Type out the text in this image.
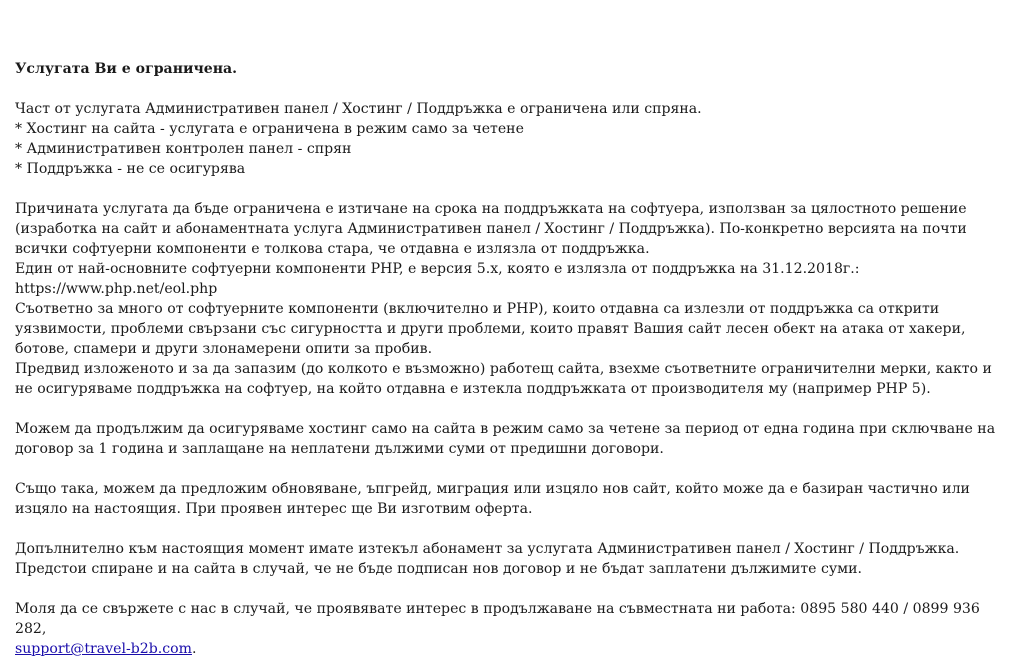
Услугата Ви е ограничена.

Част от услугата Административен панел / Хостинг / Поддръжка е ограничена или спряна.

* Хостинг на сайта - услугата е ограничена в режим само за четене
* Административен контролен панел - спрян
* Поддръжка - не се осигурява

Причината услугата да бъде ограничена е изтичане на срока на поддръжката на софтуера, използван за цялостното решение (изработка на сайт и абонаментната услуга Административен панел / Хостинг / Поддръжка). По-конкретно версията на почти всички софтуерни компоненти е толкова стара, че отдавна е излязла от поддръжка.

Един от най-основните софтуерни компоненти PHP, е версия 5.x, която е излязла от поддръжка на 31.12.2018г.: https://www.php.net/eol.php

Съответно за много от софтуерните компоненти (включително и PHP), които отдавна са излезли от поддръжка са открити уязвимости, проблеми свързани със сигурността и други проблеми, които правят Вашия сайт лесен обект на атака от хакери, ботове, спамери и други злонамерени опити за пробив.

Предвид изложеното и за да запазим (до колкото е възможно) работещ сайта, взехме съответните ограничителни мерки, както и не осигуряваме поддръжка на софтуер, на който отдавна е изтекла поддръжката от производителя му (например PHP 5).

Можем да продължим да осигуряваме хостинг само на сайта в режим само за четене за период от една година при сключване на договор за 1 година и заплащане на неплатени дължими суми от предишни договори.

Също така, можем да предложим обновяване, ъпгрейд, миграция или изцяло нов сайт, който може да е базиран частично или изцяло на настоящия. При проявен интерес ще Ви изготвим оферта.

Допълнително към настоящия момент имате изтекъл абонамент за услугата Административен панел / Хостинг / Поддръжка. Предстои спиране и на сайта в случай, че не бъде подписан нов договор и не бъдат заплатени дължимите суми.

Моля да се свържете с нас в случай, че проявявате интерес в продължаване на съвместната ни работа: 0895 580 440 / 0899 936 282,
support@travel-b2b.com.
